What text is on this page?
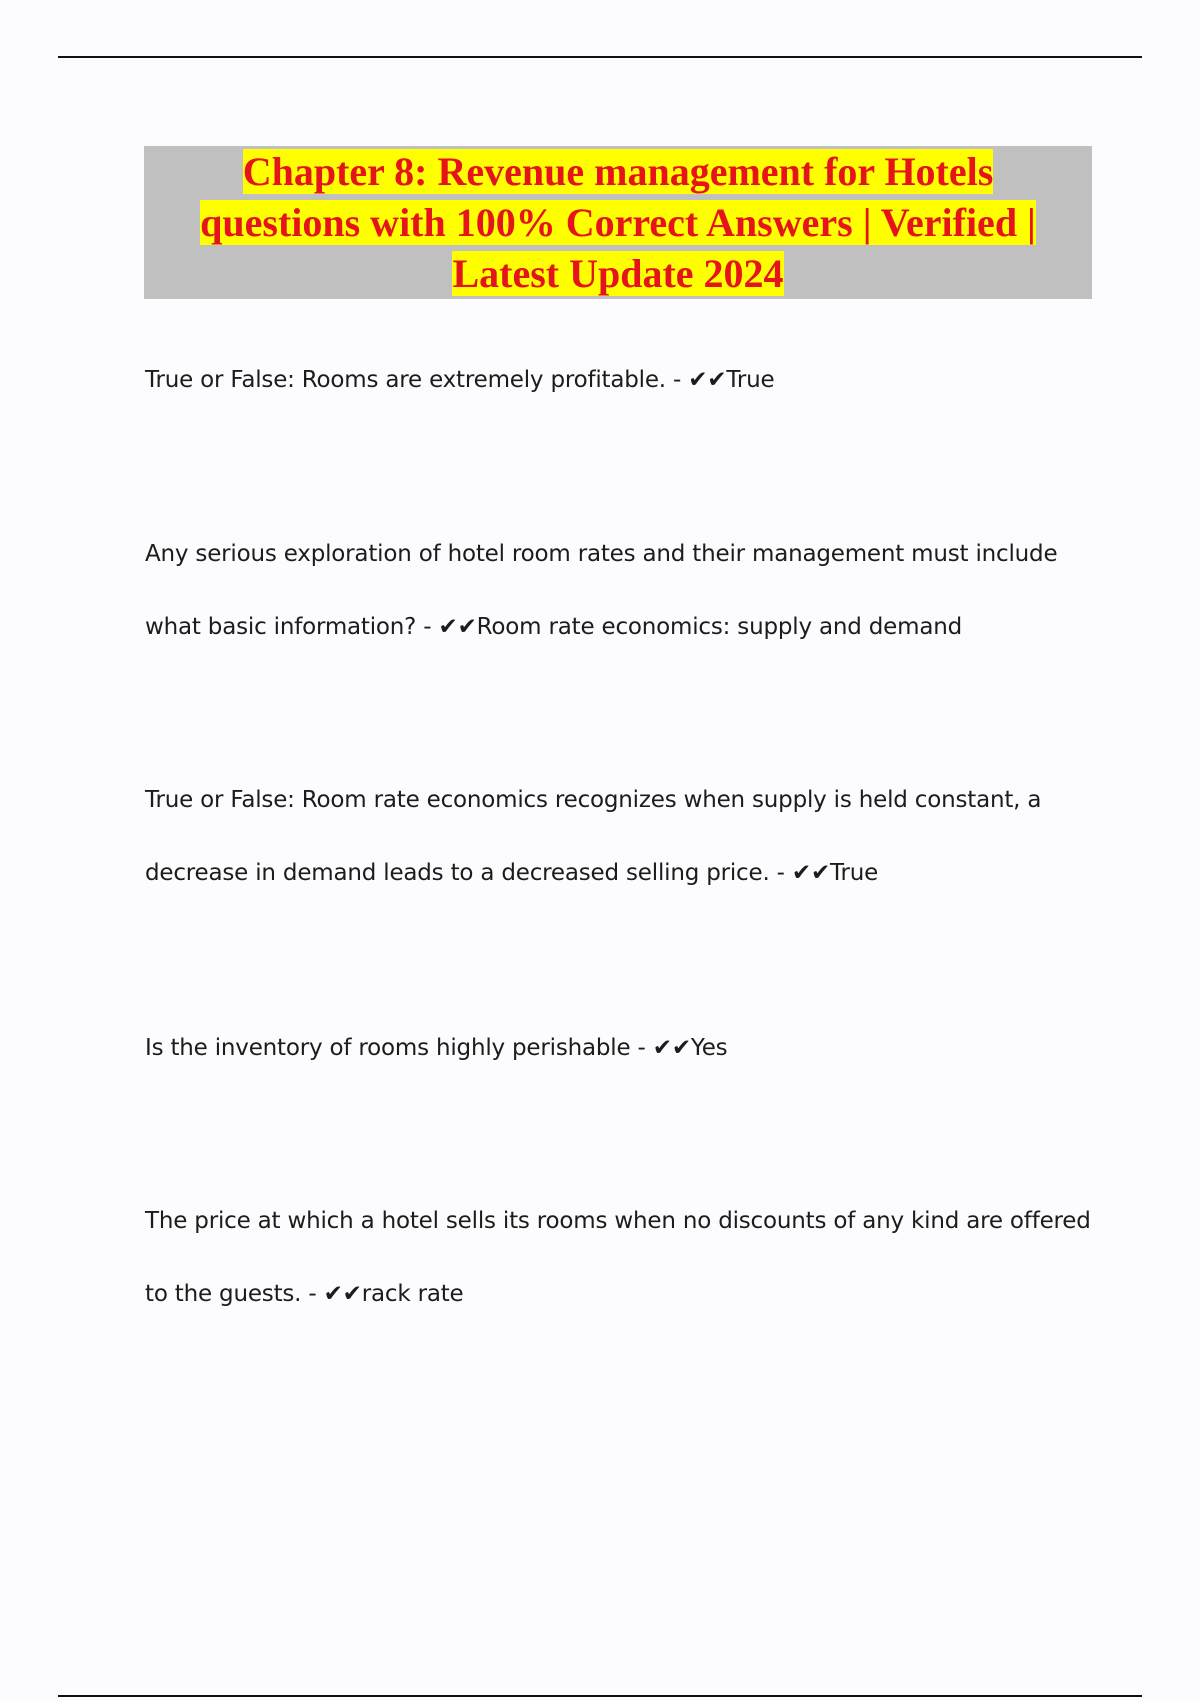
Chapter 8: Revenue management for Hotels
questions with 100% Correct Answers | Verified |
Latest Update 2024
True or False: Rooms are extremely profitable. - ✔✔True
Any serious exploration of hotel room rates and their management must include what basic information? - ✔✔Room rate economics: supply and demand
True or False: Room rate economics recognizes when supply is held constant, a decrease in demand leads to a decreased selling price. - ✔✔True
Is the inventory of rooms highly perishable - ✔✔Yes
The price at which a hotel sells its rooms when no discounts of any kind are offered to the guests. - ✔✔rack rate
